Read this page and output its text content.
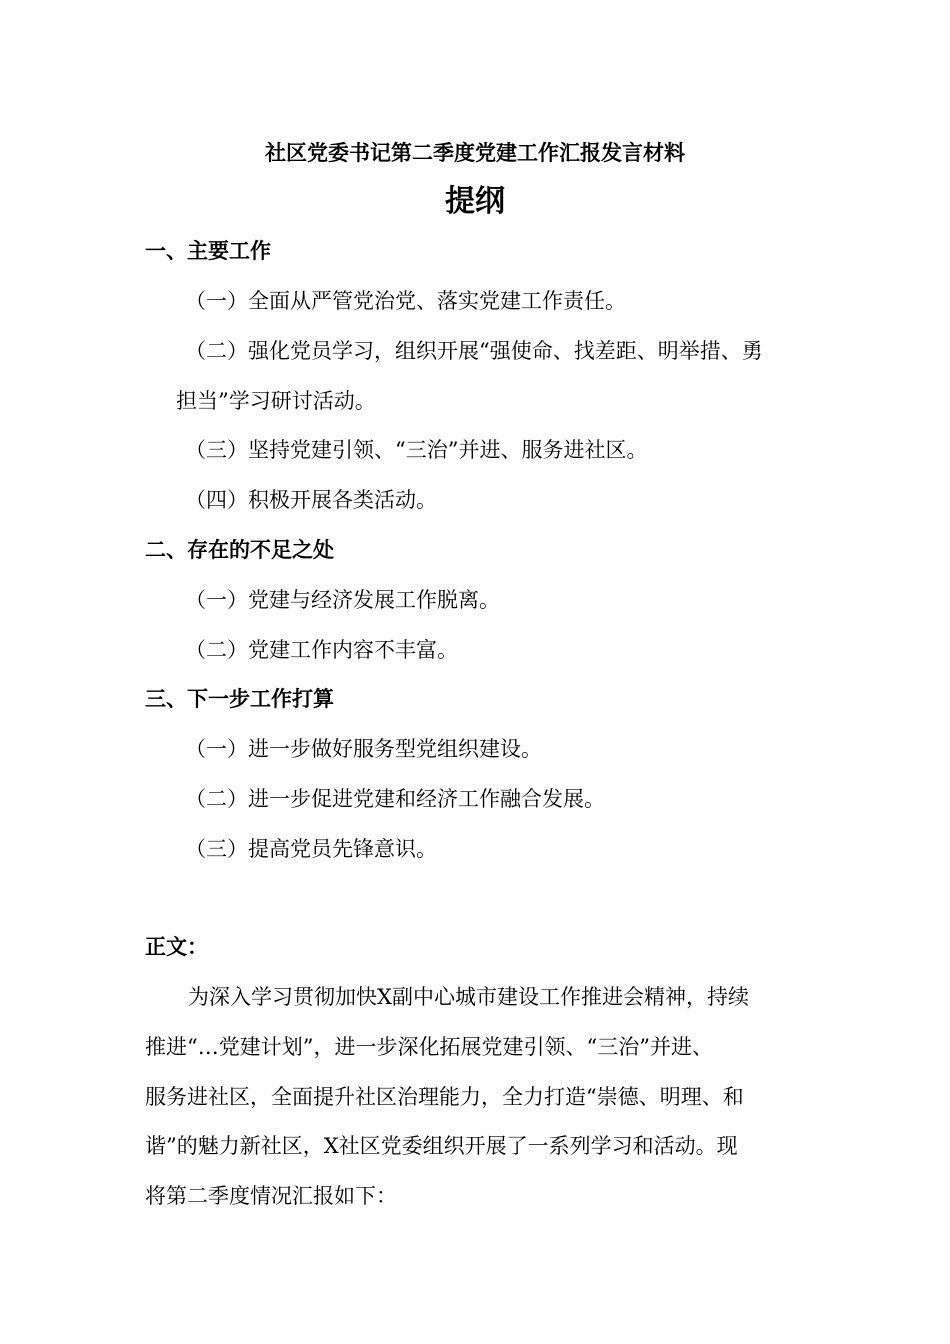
社区党委书记第二季度党建工作汇报发言材料
提纲
一、主要工作
（一）全面从严管党治党、落实党建工作责任。
（二）强化党员学习，组织开展“强使命、找差距、明举措、勇
担当”学习研讨活动。
（三）坚持党建引领、“三治”并进、服务进社区。
（四）积极开展各类活动。
二、存在的不足之处
（一）党建与经济发展工作脱离。
（二）党建工作内容不丰富。
三、下一步工作打算
（一）进一步做好服务型党组织建设。
（二）进一步促进党建和经济工作融合发展。
（三）提高党员先锋意识。
正文：
为深入学习贯彻加快X副中心城市建设工作推进会精神，持续
推进“…党建计划”，进一步深化拓展党建引领、“三治”并进、
服务进社区，全面提升社区治理能力，全力打造“崇德、明理、和
谐”的魅力新社区，X社区党委组织开展了一系列学习和活动。现
将第二季度情况汇报如下：
